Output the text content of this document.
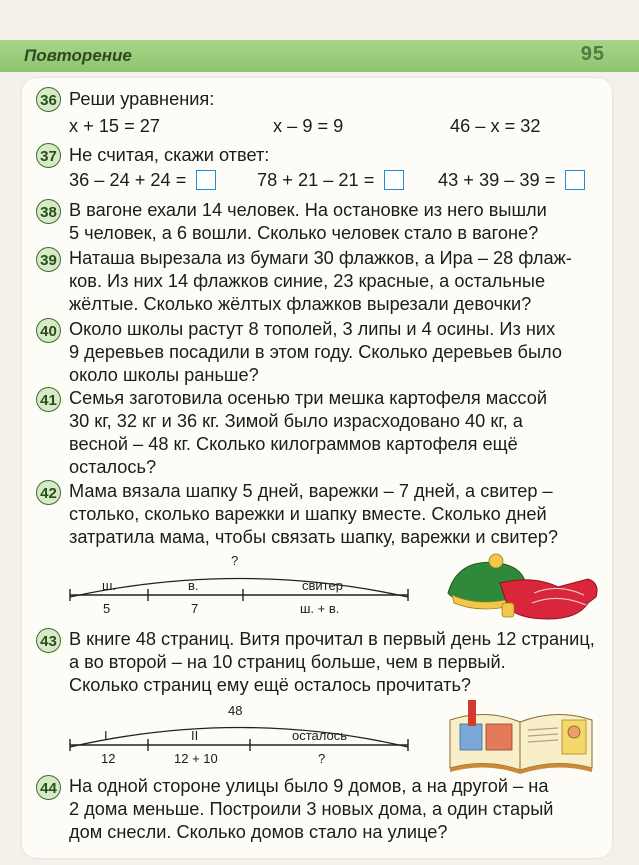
Повторение	95
36 Реши уравнения:
x + 15 = 27	x – 9 = 9	46 – x = 32
37 Не считая, скажи ответ:
36 – 24 + 24 =	78 + 21 – 21 =	43 + 39 – 39 =
38 В вагоне ехали 14 человек. На остановке из него вышли
5 человек, а 6 вошли. Сколько человек стало в вагоне?
39 Наташа вырезала из бумаги 30 флажков, а Ира – 28 флаж-
ков. Из них 14 флажков синие, 23 красные, а остальные
жёлтые. Сколько жёлтых флажков вырезали девочки?
40 Около школы растут 8 тополей, 3 липы и 4 осины. Из них
9 деревьев посадили в этом году. Сколько деревьев было
около школы раньше?
41 Семья заготовила осенью три мешка картофеля массой
30 кг, 32 кг и 36 кг. Зимой было израсходовано 40 кг, а
весной – 48 кг. Сколько килограммов картофеля ещё
осталось?
42 Мама вязала шапку 5 дней, варежки – 7 дней, а свитер –
столько, сколько варежки и шапку вместе. Сколько дней
затратила мама, чтобы связать шапку, варежки и свитер?
?
ш.	в.	свитер
5	7	ш. + в.
43 В книге 48 страниц. Витя прочитал в первый день 12 страниц,
а во второй – на 10 страниц больше, чем в первый.
Сколько страниц ему ещё осталось прочитать?
48
I	II	осталось
12	12 + 10	?
44 На одной стороне улицы было 9 домов, а на другой – на
2 дома меньше. Построили 3 новых дома, а один старый
дом снесли. Сколько домов стало на улице?
